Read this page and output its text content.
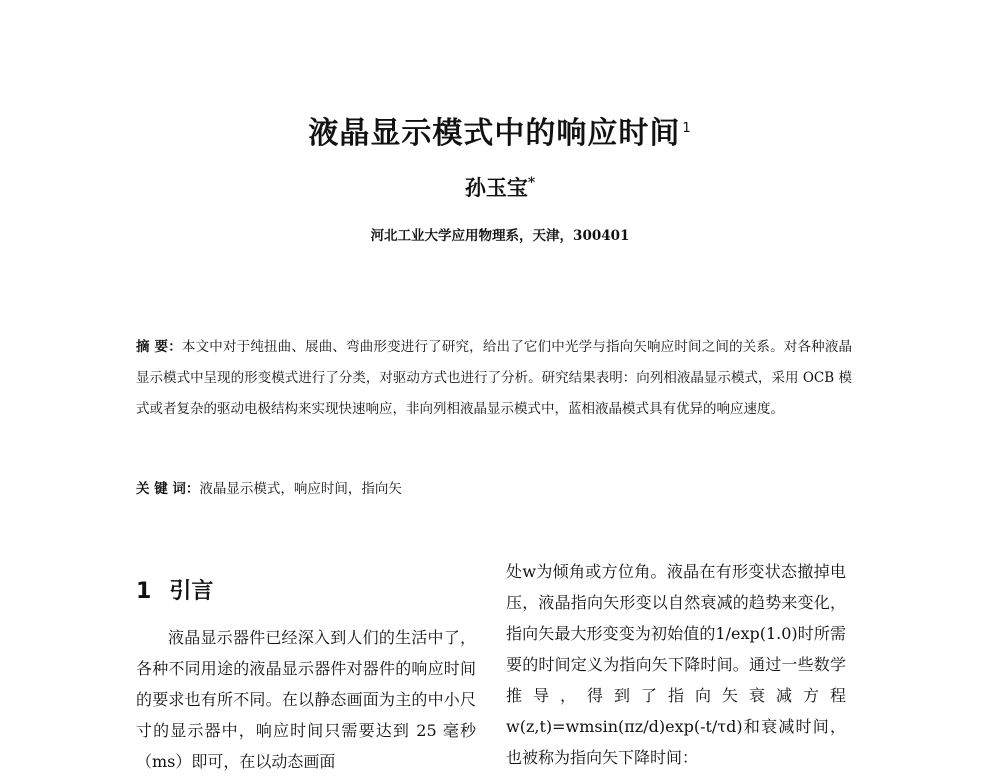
液晶显示模式中的响应时间 $^1$
孙玉宝*
河北工业大学应用物理系，天津，300401

摘 要：本文中对于纯扭曲、展曲、弯曲形变进行了研究，给出了它们中光学与指向矢响应时间之间的关系。对各种液晶显示模式中呈现的形变模式进行了分类，对驱动方式也进行了分析。研究结果表明：向列相液晶显示模式，采用 OCB 模式或者复杂的驱动电极结构来实现快速响应，非向列相液晶显示模式中，蓝相液晶模式具有优异的响应速度。

关 键 词：液晶显示模式，响应时间，指向矢

1 引言

液晶显示器件已经深入到人们的生活中了，各种不同用途的液晶显示器件对器件的响应时间的要求也有所不同。在以静态画面为主的中小尺寸的显示器中，响应时间只需要达到 25 毫秒（ms）即可，在以动态画面

处w为倾角或方位角。液晶在有形变状态撤掉电压，液晶指向矢形变以自然衰减的趋势来变化，指向矢最大形变变为初始值的1/exp(1.0)时所需要的时间定义为指向矢下降时间。通过一些数学推导，得到了指向矢衰减方程w(z,t)=wmsin(πz/d)exp(-t/τd)和衰减时间，也被称为指向矢下降时间：
